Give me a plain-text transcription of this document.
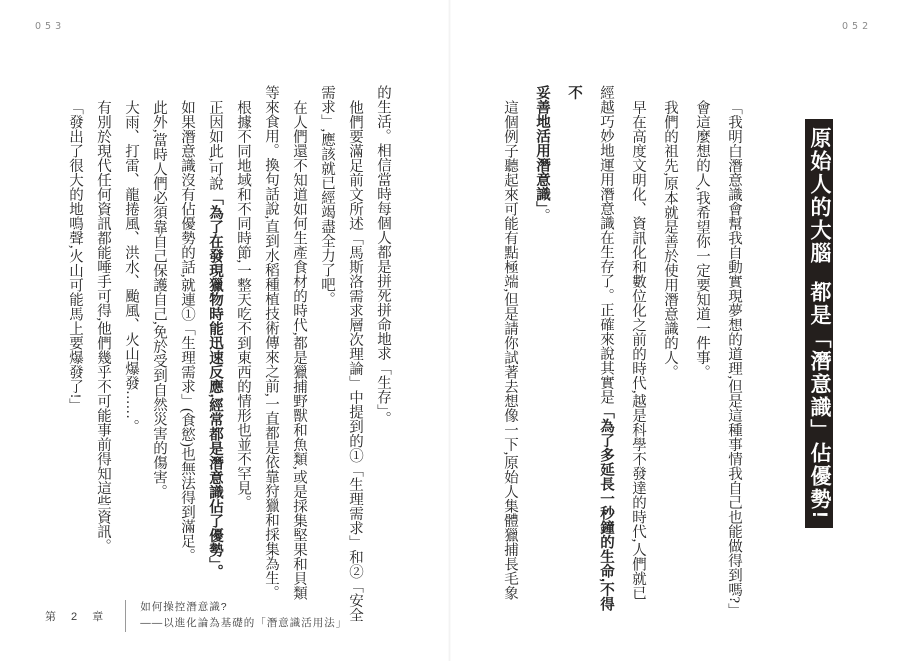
053	052
原始人的大腦都是「潛意識」佔優勢!

「我明白潛意識會幫我自動實現夢想的道理,但是這種事情我自己也能做得到嗎?」

會這麼想的人,我希望你一定要知道一件事。

我們的祖先,原本就是善於使用潛意識的人。

早在高度文明化、資訊化和數位化之前的時代,越是科學不發達的時代,人們就已

經越巧妙地運用潛意識在生存了。正確來說其實是「為了多延長一秒鐘的生命,不得不

妥善地活用潛意識」。

這個例子聽起來可能有點極端,但是請你試著去想像一下,原始人集體獵捕長毛象

的生活。相信當時每個人都是拼死拼命地求「生存」。

他們要滿足前文所述「馬斯洛需求層次理論」中提到的①「生理需求」和②「安全

需求」,應該就已經竭盡全力了吧。

在人們還不知道如何生產食材的時代,都是獵捕野獸和魚類,或是採集堅果和貝類

等來食用。換句話說,直到水稻種植技術傳來之前,一直都是依靠狩獵和採集為生。

根據不同地域和不同時節,一整天吃不到東西的情形也並不罕見。

正因如此,可說「為了在發現獵物時能迅速反應,經常都是潛意識佔了優勢」。

如果潛意識沒有佔優勢的話,就連①「生理需求」(食慾)也無法得到滿足。

此外,當時人們必須靠自己保護自己,免於受到自然災害的傷害。

大雨、打雷、龍捲風、洪水、颱風、火山爆發……。

有別於現代任何資訊都能唾手可得,他們幾乎不可能事前得知這些資訊。

「發出了很大的地鳴聲,火山可能馬上要爆發了!」

第 2 章
如何操控潛意識?
——以進化論為基礎的「潛意識活用法」
